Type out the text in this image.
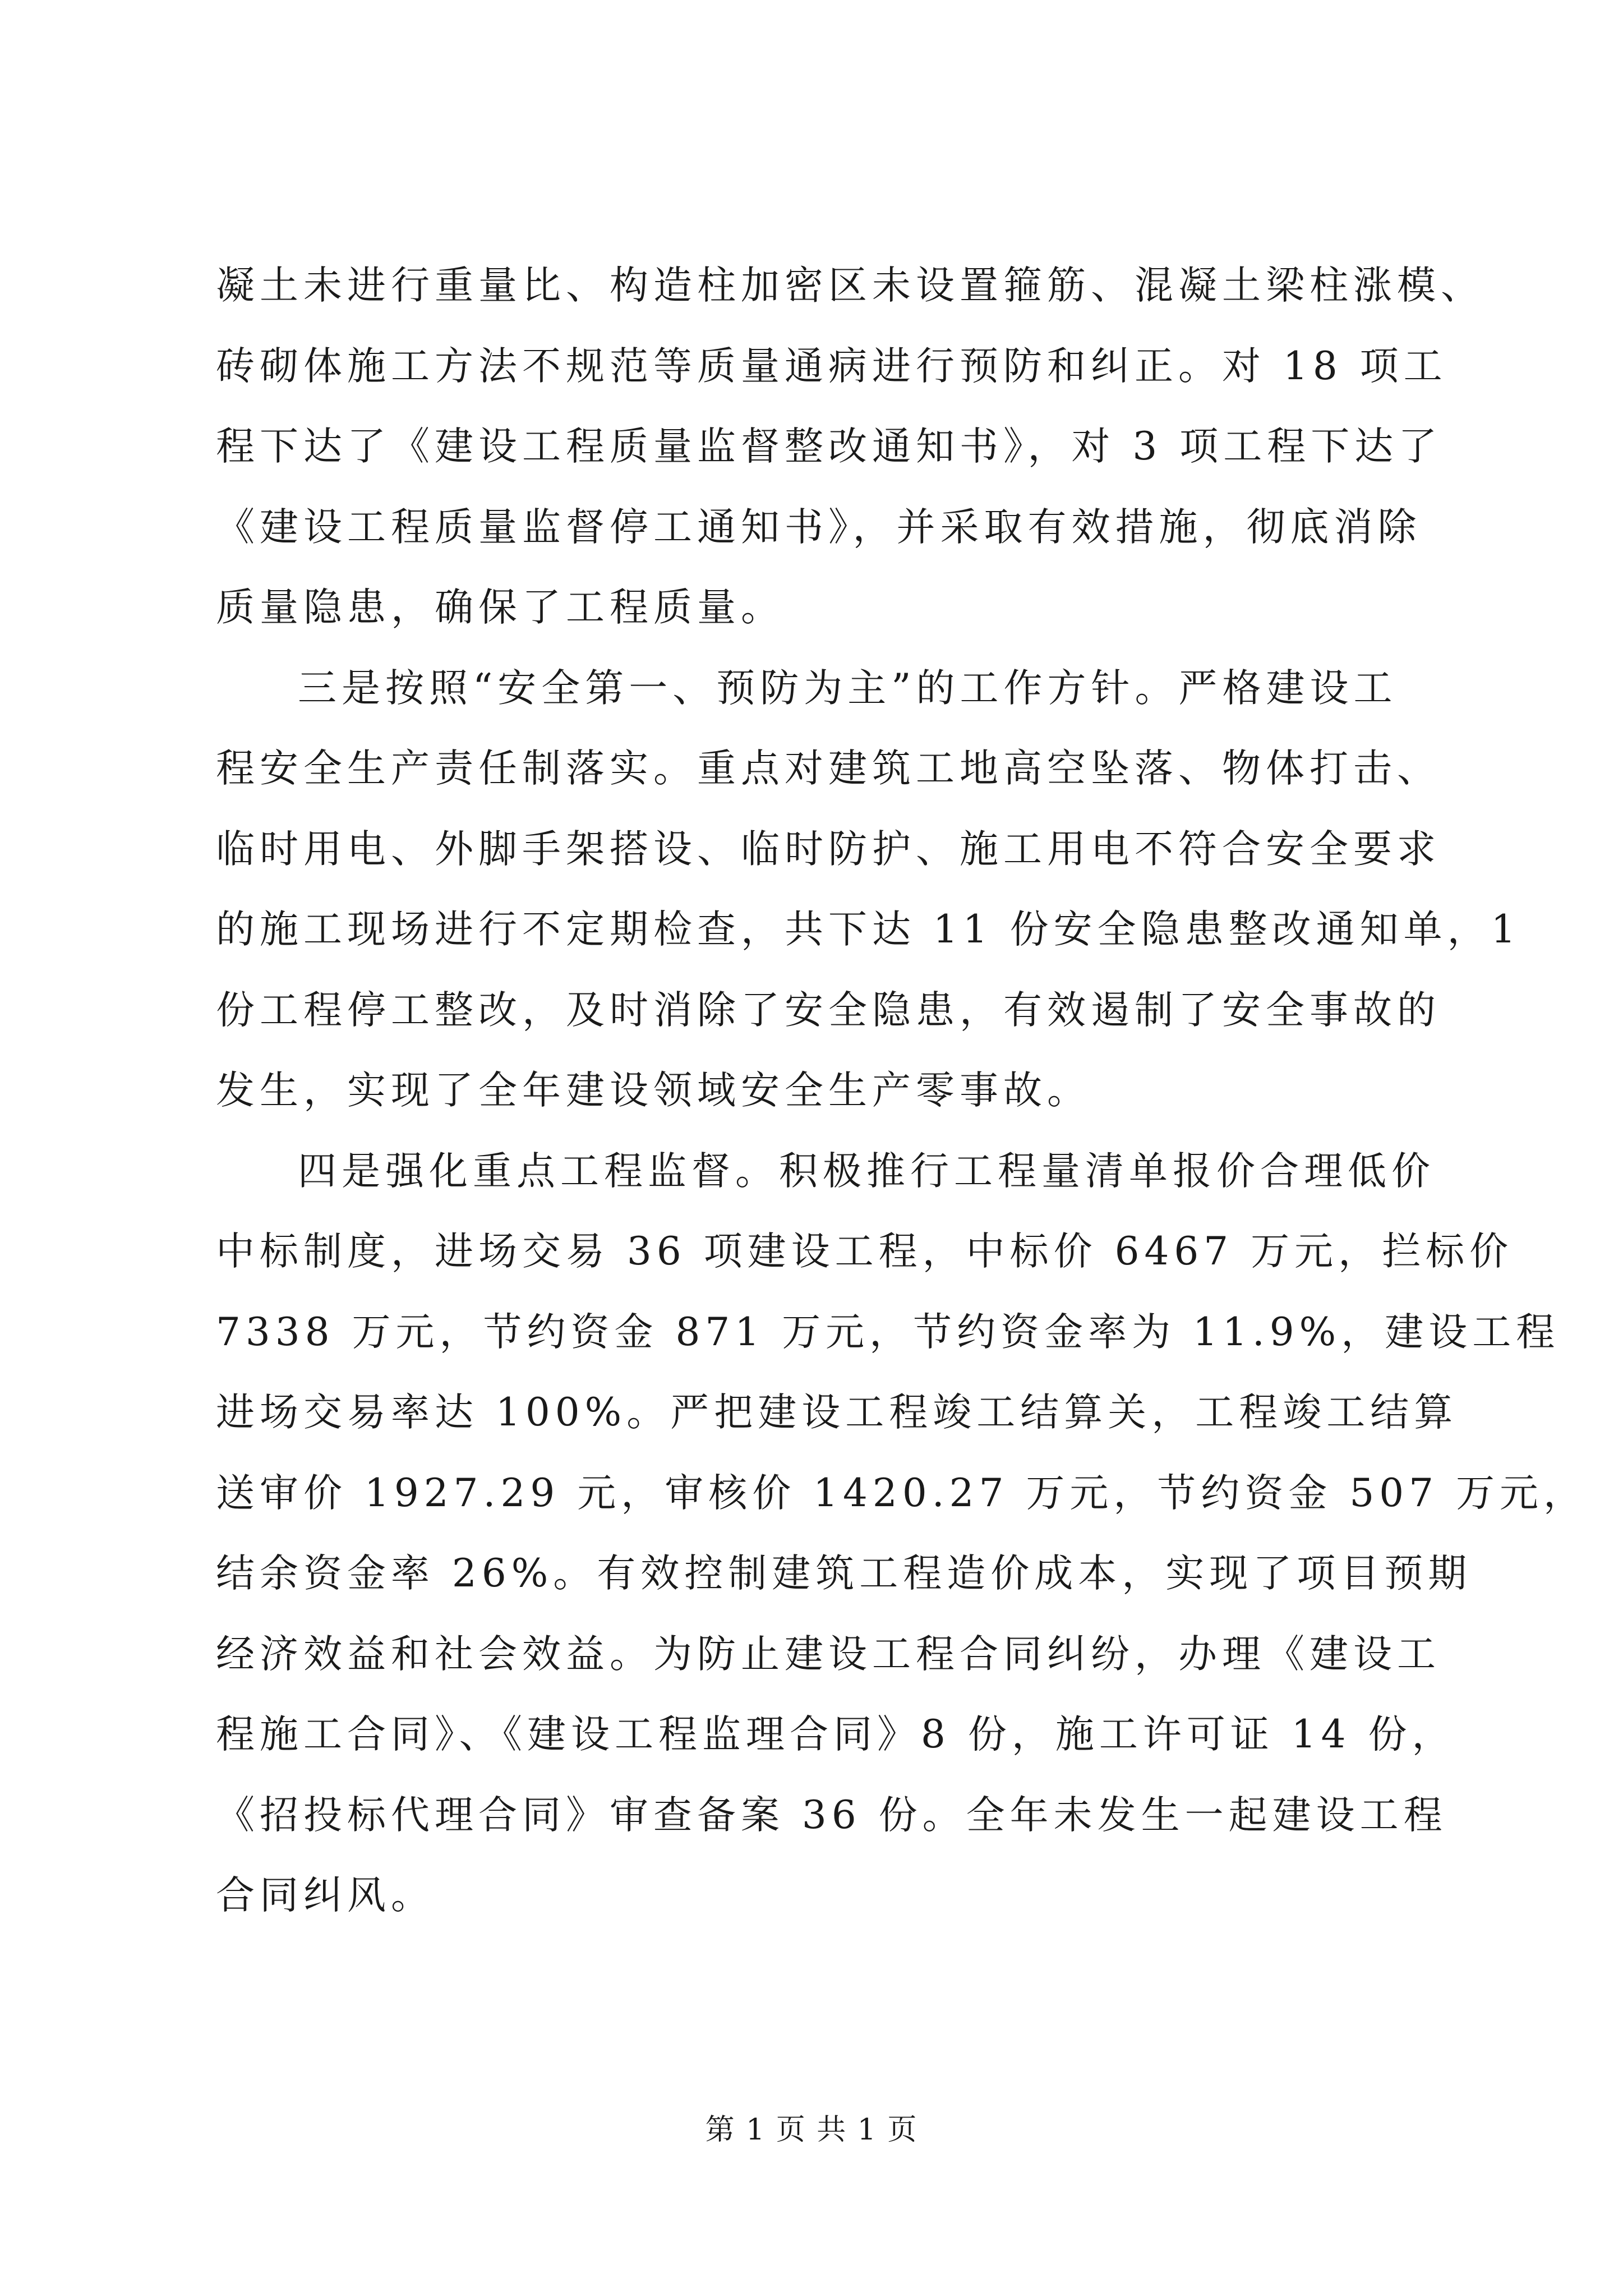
凝土未进行重量比、构造柱加密区未设置箍筋、混凝土梁柱涨模、
砖砌体施工方法不规范等质量通病进行预防和纠正。对 18 项工
程下达了《建设工程质量监督整改通知书》，对 3 项工程下达了
《建设工程质量监督停工通知书》，并采取有效措施，彻底消除
质量隐患，确保了工程质量。
三是按照“安全第一、预防为主”的工作方针。严格建设工
程安全生产责任制落实。重点对建筑工地高空坠落、物体打击、
临时用电、外脚手架搭设、临时防护、施工用电不符合安全要求
的施工现场进行不定期检查，共下达 11 份安全隐患整改通知单，1
份工程停工整改，及时消除了安全隐患，有效遏制了安全事故的
发生，实现了全年建设领域安全生产零事故。
四是强化重点工程监督。积极推行工程量清单报价合理低价
中标制度，进场交易 36 项建设工程，中标价 6467 万元，拦标价
7338 万元，节约资金 871 万元，节约资金率为 11.9%，建设工程
进场交易率达 100%。严把建设工程竣工结算关，工程竣工结算
送审价 1927.29 元，审核价 1420.27 万元，节约资金 507 万元，
结余资金率 26%。有效控制建筑工程造价成本，实现了项目预期
经济效益和社会效益。为防止建设工程合同纠纷，办理《建设工
程施工合同》、《建设工程监理合同》8 份，施工许可证 14 份，
《招投标代理合同》审查备案 36 份。全年未发生一起建设工程
合同纠风。
第 1 页 共 1 页
